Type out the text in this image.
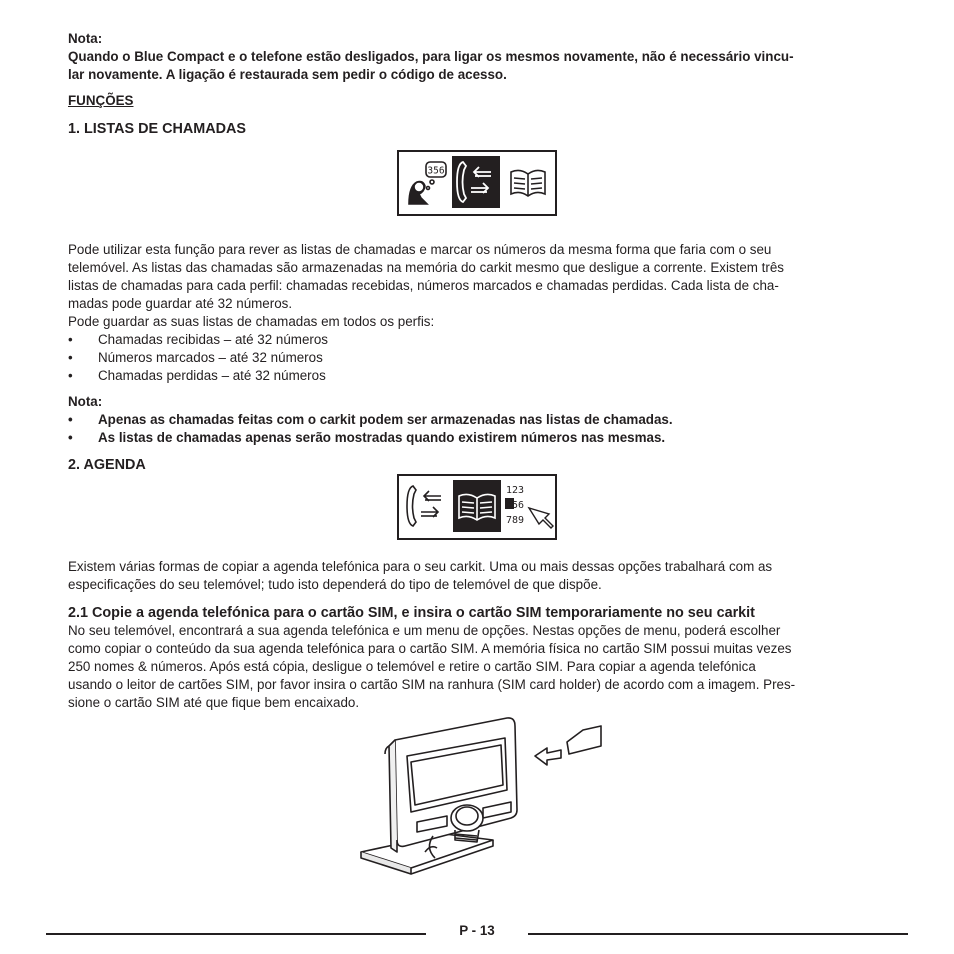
Nota:

Quando o Blue Compact e o telefone estão desligados, para ligar os mesmos novamente, não é necessário vincu-

lar novamente. A ligação é restaurada sem pedir o código de acesso.

FUNÇÕES

1. LISTAS DE CHAMADAS

Pode utilizar esta função para rever as listas de chamadas e marcar os números da mesma forma que faria com o seu

telemóvel. As listas das chamadas são armazenadas na memória do carkit mesmo que desligue a corrente. Existem três

listas de chamadas para cada perfil: chamadas recebidas, números marcados e chamadas perdidas. Cada lista de cha-

madas pode guardar até 32 números.

Pode guardar as suas listas de chamadas em todos os perfis:

• Chamadas recibidas – até 32 números
• Números marcados – até 32 números
• Chamadas perdidas – até 32 números

Nota:

• Apenas as chamadas feitas com o carkit podem ser armazenadas nas listas de chamadas.
• As listas de chamadas apenas serão mostradas quando existirem números nas mesmas.

2. AGENDA

Existem várias formas de copiar a agenda telefónica para o seu carkit. Uma ou mais dessas opções trabalhará com as

especificações do seu telemóvel; tudo isto dependerá do tipo de telemóvel de que dispõe.

2.1 Copie a agenda telefónica para o cartão SIM, e insira o cartão SIM temporariamente no seu carkit

No seu telemóvel, encontrará a sua agenda telefónica e um menu de opções. Nestas opções de menu, poderá escolher

como copiar o conteúdo da sua agenda telefónica para o cartão SIM. A memória física no cartão SIM possui muitas vezes

250 nomes & números. Após está cópia, desligue o telemóvel e retire o cartão SIM. Para copiar a agenda telefónica

usando o leitor de cartões SIM, por favor insira o cartão SIM na ranhura (SIM card holder) de acordo com a imagem. Pres-

sione o cartão SIM até que fique bem encaixado.

356
123
456
789
P - 13
